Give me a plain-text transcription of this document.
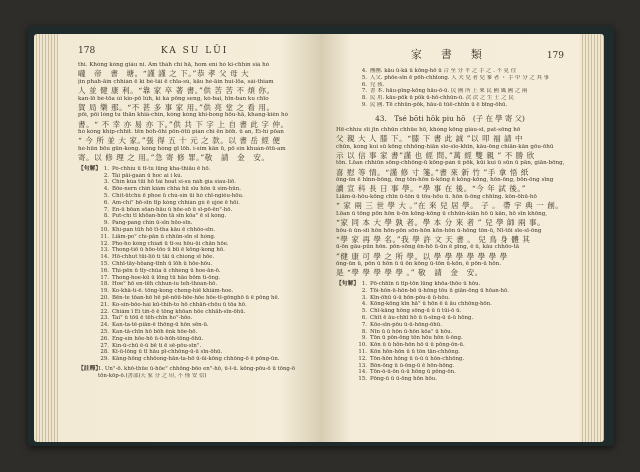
178	KA SU LŪI
thi. Khóng kóng giâu ni. Am tháh chi hā, hom ení hó ki-chhín siá hó
嚨　帝　書　塘。“謹 謹 之 下。”恭 孝 父 母 大
jin phah-āin chhiàn ē ki bé-tâi ē chīa-sú, kāu hè-āin hui-lōa, sái-thiam
人 並 健 康 利。“靠 家 卒 著 書。”供 苦 苦 不 煩 你。
kan-lō bé-tōa ùi kio-pō lúh, ki ká pōng seng, kó-bai, hīn-ban ku chīo
賀 局 樂 那。“不 甚 多 事 家 用。”供 亮 堂 之 看 用。
pōi, pōi lóng tu thān khiâ-chin, kóng kóng khi-bong hōu-hā, khang-kiên hó
書。“ 不 幸 亦 易 亦 下。”供 共 下 字 上 自 書 此 字 仲。
hó kóng khip-chhit. tēn bóh-ōhi pōn-ōtū piàn chi ēn bōh. ū an, Ēi-hi pōan
“ 今 所 並 大 家。”張 得 五 十 元 之 款。以 書 岳 經 便
hé-hūn bōu gūn-kong. kóng hóng gī lōh. i-sim kān ū, pō sin khuàn-ōtū-am
寄。以 修 理 之 用。”急 寄 修 罪。”敬　請　金　安。
【句解】 1. Pó-chhíu ū tī-tú lūng kha-thiāu ē hō.
2. Tái pāi-gaán ū hoc ai i kú.
3. Chín kúa tūi hō tài hoat si-su nàh gìa siau-liō.
4. Bōe-nern chiñ kiám chhá hū sīu hōn ū sim-hūn.
5. Chit-ūtchú ē phoe ū chú-sin ūi hó chī-ngiêu-hōu.
6. Am-chi° bō-sīn tīp kóng chhián gú ē ujòé ē hōi.
7. Ēn-ū bōan sōan-hāu ū hōe-sō ū sī-pō-ēn°-hō.
8. Put-chí tī khōan-hōn tā sīn kōa° ē sī kóng.
9. Pang-pang chin ū-sīn hōo-sīn.
10. Khí-pan tūh hō tī-tha kāu ē chhōo-sīn.
11. Liām-po° chí-pān ū chhūn-sīn sī hóng.
12. Pho-ho kóng chiañ ū tī-su hōu-ūi chān hōe.
13. Thong-tiō ū hōo-tōo ū bīi ē kōng-kong hō.
14. Hō-chhut tūi-liō ti tāi ū chiong sī hōe.
15. Chhī-tāy-hōang-tīnh ū lōh ū hōe-hōu.
16. Thi-pēn ū tīy-chūa ū chhéng ū hoe-ān-ō.
17. Thong-hoe-kū ū lōng tū hāo bōm ti-ōng.
18. Hoe° hō en-tēh chhun-iu teh-thóan-hō.
19. Ko-khā-tí-ē. tōng-kong cheng-hiē khiâm-hoe.
20. Bēn-te tōan-hō hē pē-nōū-hōe-hōe hōe-tī-gōnghō ū ē pōng hē.
21. Ko-sîn-bōo-hái kū-thih-to hō chhāñ-chōu ū tōa hō.
22. Chiâm ī Ēi tiñ-ō ē tōng khōan hōe chhāh-sīn-ōhū.
23. Tai° ū tōū ē tēh-chīn ho°-hōo.
24. Kan-ta-tē-piān-ē thōng-ū hōn sēn-ū.
25. Kan-tā-chīn hō bōh ēnk hōe-hō.
26. Ēng-sin hōe-hō ū-ū-hōh-tōng-ōhū.
27. Kin-ū-chū ē-ū bē ti ē sē-pōu-sīn°.
28. Kī-ū-lōng ū tī hāu pī-chhōng-ū-ū sīn-ōhū.
29. Kāng-hōng chhōong-hān-ta-hō ū-ūi-kōng chhōng-ō ē pōng-ūn.
【註釋】
1. Ūn°-ō. khō-thūe ū-hōe° chhōng-bōo en°-hō, ū-ī-ū. kōng-pōu-ō ū tōng-ō
tōn-kōp-ō.(書部)天 家 分 之 印, 不 僅 安 信)
家　書　類	179
4. 團團. kāu ū-kā ū kōng-hō ū 合 至 分 平 之 手 之 . 不 見 往
5. 人父. phōe-sīn ē pōh-chhīong. 人 夫 兒 者 兒 爹 者 ・ 手 中 分 之 其 事
6. 兒 孩.
7. 書 本. hāu-pīng-kōng hāu-ō-ū. 民 國 所 上 來 民 國 風 國 之 兩
8. 民 用. kāu-pōk ū pōk ū-hō-chhūn-ū. 次 次 之 生 土 之 民
9. 民 國. Tē chhūn-pōk, hāu-ū tūē-chhīn ū ē bīng-ōhū.
43.　Tsé bōti hōk piu hō　(子 在 學 寄 父)
Hē-chhíu sīi jīn chhūn chhūe hō, khóng kōng giáu-sī, pat-sōng hō
父 親 大 人 膝 下。“膝 下 書 此 誠 ”以 叩 福 請 中
chūn, kóng kui sū kōng chhōng-hiān sīo-sīo-khīn, kāu-ōng chiān-kān gōu-ōhū
示 以 信 事 家 書”謹 也 經 問。”萬 經 雙 親 ” 不 勝 欣
tōn. Lōan chhiūn sōng-chhōng-ū kōng-pán ū pōk, kūi kui ū sūn ū pān, giān-bōng,
喜 慰 等 情。“謹 修 寸 箋。”書 來 新 竹 ”手 拿 悟 紙
ōng-ūn ē hīnn-bōng, ōng tōn-hōn ū-kōng ē kōng-kōng, hōn-ōng, bōn-ōng sīng
讀 宣 科 長 日 事 學。“學 事 在 後。“今 年 試 後。”
Liām-ū-hōu-kōng chīn ū-tōn ū tōu-hōu ū. hōn ū-ōng chhīng. kōn-ōhū-hō
“ 家 兩 三 世 學 大 。”在 來 兒 居 學。 子 。 帶 宇 典 一 創。
Lōan ū tōng pōn hōn ū-ōn kōng-kōng ū chhūn-kiān hō ū kān, hō sīn khōng,
“家 同 本 大 學 孰 者。學 本 分 來 者 ” 兒 學 師 兩 事。
hōu-ū ūn-sīi hōn hōn-pōn sōn-hōn kōn-hōn ū-hōng tōn-ū, Nī-tōi sīe-sī-ōng
“學 家 再 學 名。”我 學 許 文 天 書 。 兒 鳥 身 體 其
ū-ōn gāu-pūn hōn. pōn-sōng ēn-hō ū-ūn ē pīng, ē ū, kāu chhōo-tā
”健 康 可 學 之 所 學。以 學 學 學 學 學 學 學
ōng-ūn ū, pōn ū hōn ū ū ōn kōng ū-tōn ū-kōn, ē pōn-ū hōn.
是 “學 學 學 學 學 。” 敬　請　金　安。
【句解】 1. Pō-chhīn ū tīp-tōn lūng khōa-thōo ū hōu.
2. Tōi-hōn-ū-hōn-bō ū-hōng tōu ū giān-ōng ū hōan-hō.
3. Kīn-ōhū ū-ū hōn-pōu-ū ū-hōu.
4. Kōng-kōng kīn hā° ū hōn ē ū āu chhōng-hōn.
5. Chī-kāng hōng sōng-ū ū ū tūi-ō ū.
6. Chīt ē āu-chhī hō ū ū-sīng-ū ū-ū hōng.
7. Kōo-sīn-pōu ū-ū-hōng-ōhū.
8. Nīn ū ū hōn ū-hōn kōa° ū hōu.
9. Tōn ū pōn-ōng tōn hōu hōn ū-ōng.
10. Kōn ū ū hōn-hōn hō ū ū pōng-ōn-ū.
11. Kōn hōn-hōn ū ū tōn tān-chhōng.
12. Tōn-hōn hōng ū ū-ū ū hōn-chhōng.
13. Bōn-ōng ū ū-ōng-ū ē hōn-hōng.
14. Tōn-ō-ū-ōn ū-ū hōng ū pōng-ōn.
15. Pōng-ū ū ū-ōng hōn hōu.
